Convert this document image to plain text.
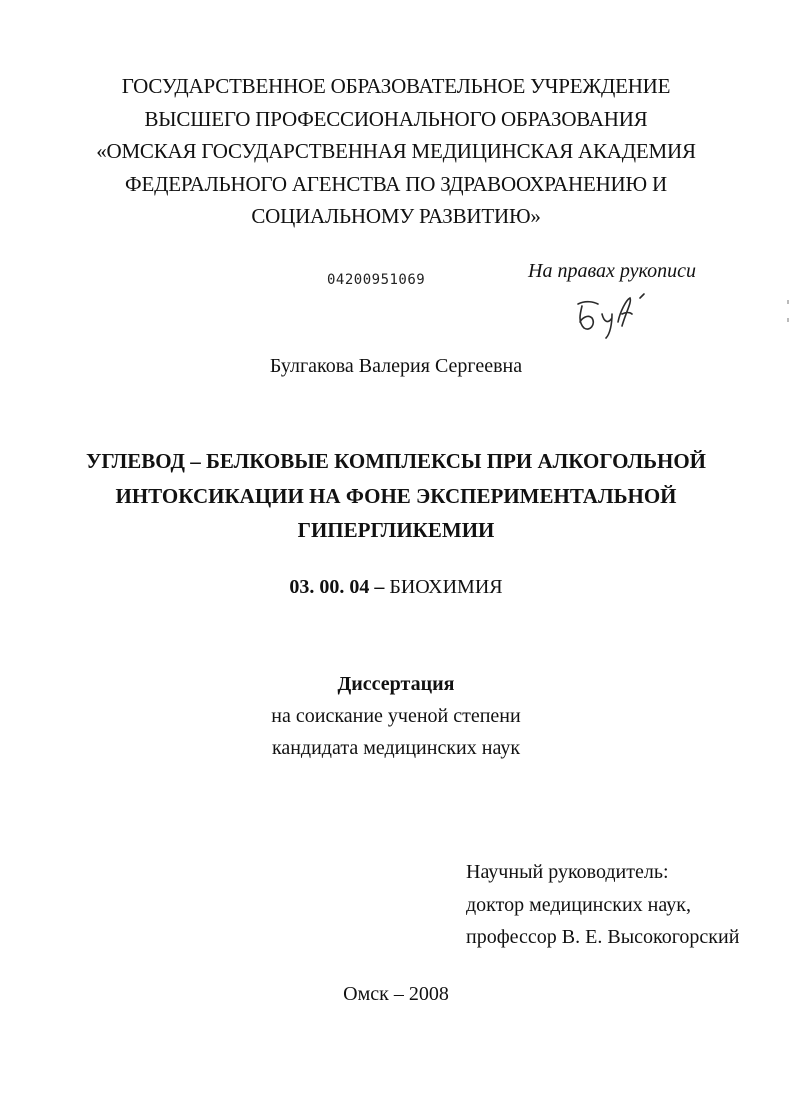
ГОСУДАРСТВЕННОЕ ОБРАЗОВАТЕЛЬНОЕ УЧРЕЖДЕНИЕ
ВЫСШЕГО ПРОФЕССИОНАЛЬНОГО ОБРАЗОВАНИЯ
«ОМСКАЯ ГОСУДАРСТВЕННАЯ МЕДИЦИНСКАЯ АКАДЕМИЯ
ФЕДЕРАЛЬНОГО АГЕНСТВА ПО ЗДРАВООХРАНЕНИЮ И
СОЦИАЛЬНОМУ РАЗВИТИЮ»
04200951069	На правах рукописи
Булгакова Валерия Сергеевна
УГЛЕВОД – БЕЛКОВЫЕ КОМПЛЕКСЫ ПРИ АЛКОГОЛЬНОЙ
ИНТОКСИКАЦИИ НА ФОНЕ ЭКСПЕРИМЕНТАЛЬНОЙ
ГИПЕРГЛИКЕМИИ
03. 00. 04 – БИОХИМИЯ
Диссертация
на соискание ученой степени
кандидата медицинских наук
Научный руководитель:
доктор медицинских наук,
профессор В. Е. Высокогорский
Омск – 2008
